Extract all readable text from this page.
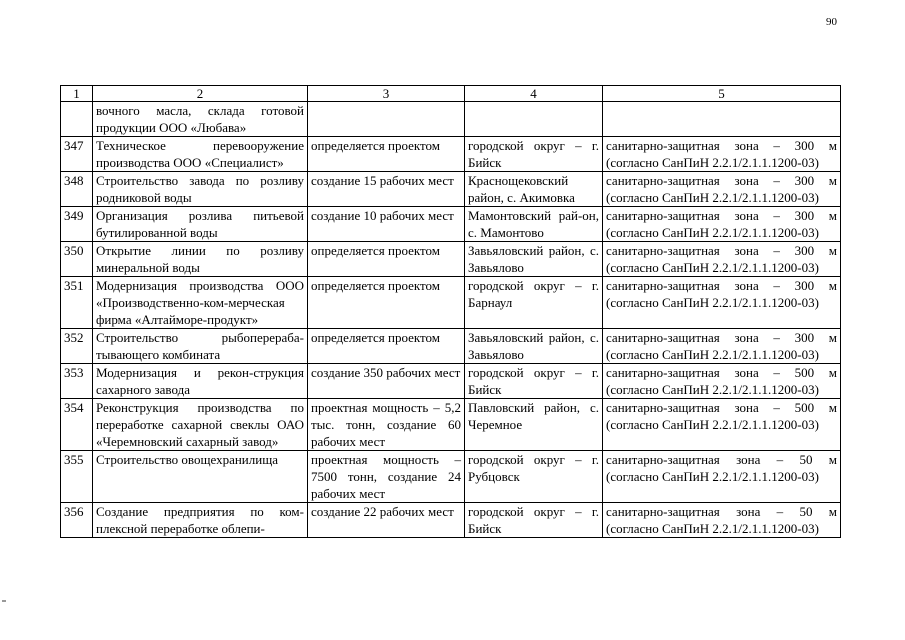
90
1	2	3	4	5
	вочного масла, склада готовой продукции ООО «Любава»			
347	Техническое перевооружение производства ООО «Специалист»	определяется проектом	городской округ – г. Бийск	санитарно-защитная зона – 300 м (согласно СанПиН 2.2.1/2.1.1.1200-03)
348	Строительство завода по розливу родниковой воды	создание 15 рабочих мест	Краснощековский район, с. Акимовка	санитарно-защитная зона – 300 м (согласно СанПиН 2.2.1/2.1.1.1200-03)
349	Организация розлива питьевой бутилированной воды	создание 10 рабочих мест	Мамонтовский рай-он, с. Мамонтово	санитарно-защитная зона – 300 м (согласно СанПиН 2.2.1/2.1.1.1200-03)
350	Открытие линии по розливу минеральной воды	определяется проектом	Завьяловский район, с. Завьялово	санитарно-защитная зона – 300 м (согласно СанПиН 2.2.1/2.1.1.1200-03)
351	Модернизация производства ООО «Производственно-ком-мерческая фирма «Алтайморе-продукт»	определяется проектом	городской округ – г. Барнаул	санитарно-защитная зона – 300 м (согласно СанПиН 2.2.1/2.1.1.1200-03)
352	Строительство рыбоперераба-тывающего комбината	определяется проектом	Завьяловский район, с. Завьялово	санитарно-защитная зона – 300 м (согласно СанПиН 2.2.1/2.1.1.1200-03)
353	Модернизация и рекон-струкция сахарного завода	создание 350 рабочих мест	городской округ – г. Бийск	санитарно-защитная зона – 500 м (согласно СанПиН 2.2.1/2.1.1.1200-03)
354	Реконструкция производства по переработке сахарной свеклы ОАО «Черемновский сахарный завод»	проектная мощность – 5,2 тыс. тонн, создание 60 рабочих мест	Павловский район, с. Черемное	санитарно-защитная зона – 500 м (согласно СанПиН 2.2.1/2.1.1.1200-03)
355	Строительство овощехранилища	проектная мощность – 7500 тонн, создание 24 рабочих мест	городской округ – г. Рубцовск	санитарно-защитная зона – 50 м (согласно СанПиН 2.2.1/2.1.1.1200-03)
356	Создание предприятия по ком-плексной переработке облепи-	создание 22 рабочих мест	городской округ – г. Бийск	санитарно-защитная зона – 50 м (согласно СанПиН 2.2.1/2.1.1.1200-03)
